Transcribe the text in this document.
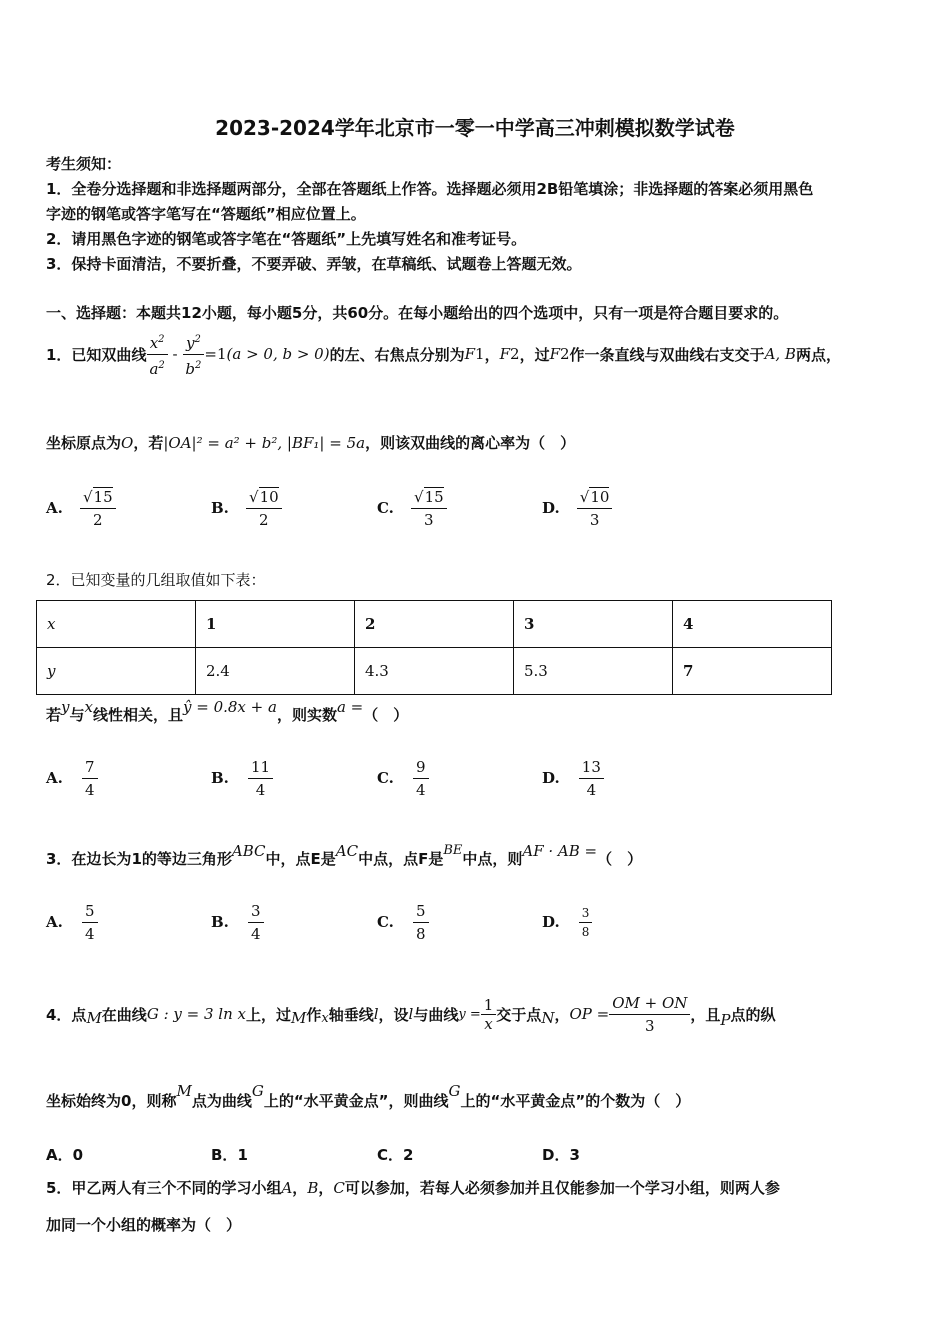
2023-2024学年北京市一零一中学高三冲刺模拟数学试卷
考生须知：
1．全卷分选择题和非选择题两部分，全部在答题纸上作答。选择题必须用2B铅笔填涂；非选择题的答案必须用黑色
字迹的钢笔或答字笔写在“答题纸”相应位置上。
2．请用黑色字迹的钢笔或答字笔在“答题纸”上先填写姓名和准考证号。
3．保持卡面清洁，不要折叠，不要弄破、弄皱，在草稿纸、试题卷上答题无效。
一、选择题：本题共12小题，每小题5分，共60分。在每小题给出的四个选项中，只有一项是符合题目要求的。
1．已知双曲线 $\frac{x^2}{a^2} - \frac{y^2}{b^2} =1$ (a > 0, b > 0) 的左、右焦点分别为 F 1 ， F 2 ，过 F 2 作一条直线与双曲线右支交于 A, B 两点，
坐标原点为 O ，若 |OA|² = a² + b², |BF₁| = 5a ，则该双曲线的离心率为（　）
A. $\frac{√15}{2}$	B. $\frac{√10}{2}$	C. $\frac{√15}{3}$	D. $\frac{√10}{3}$
2．已知变量的几组取值如下表：
x	1	2	3	4
y	2.4	4.3	5.3	7
若 y 与 x 线性相关，且 ŷ = 0.8x + a ，则实数 a = （　）
A. $\frac{7}{4}$	B. $\frac{11}{4}$	C. $\frac{9}{4}$	D. $\frac{13}{4}$
3．在边长为1的等边三角形 ABC 中，点E是 AC 中点，点F是 BE 中点，则 AF · AB = （　）
A. $\frac{5}{4}$	B. $\frac{3}{4}$	C. $\frac{5}{8}$	D. $\frac{3}{8}$
4．点 M 在曲线 G : y = 3 ln x 上，过 M 作 x 轴垂线 l ，设 l 与曲线 $y = \frac{1}{x}$ 交于点 N ， OP = $\frac{OM + ON}{3}$ ，且 P 点的纵
坐标始终为0，则称
M
点为曲线
G
上的“水平黄金点”，则曲线
G
上的“水平黄金点”的个数为（　）
A．0	B．1	C．2	D．3
5．甲乙两人有三个不同的学习小组 A ， B ， C 可以参加，若每人必须参加并且仅能参加一个学习小组，则两人参
加同一个小组的概率为（　）
